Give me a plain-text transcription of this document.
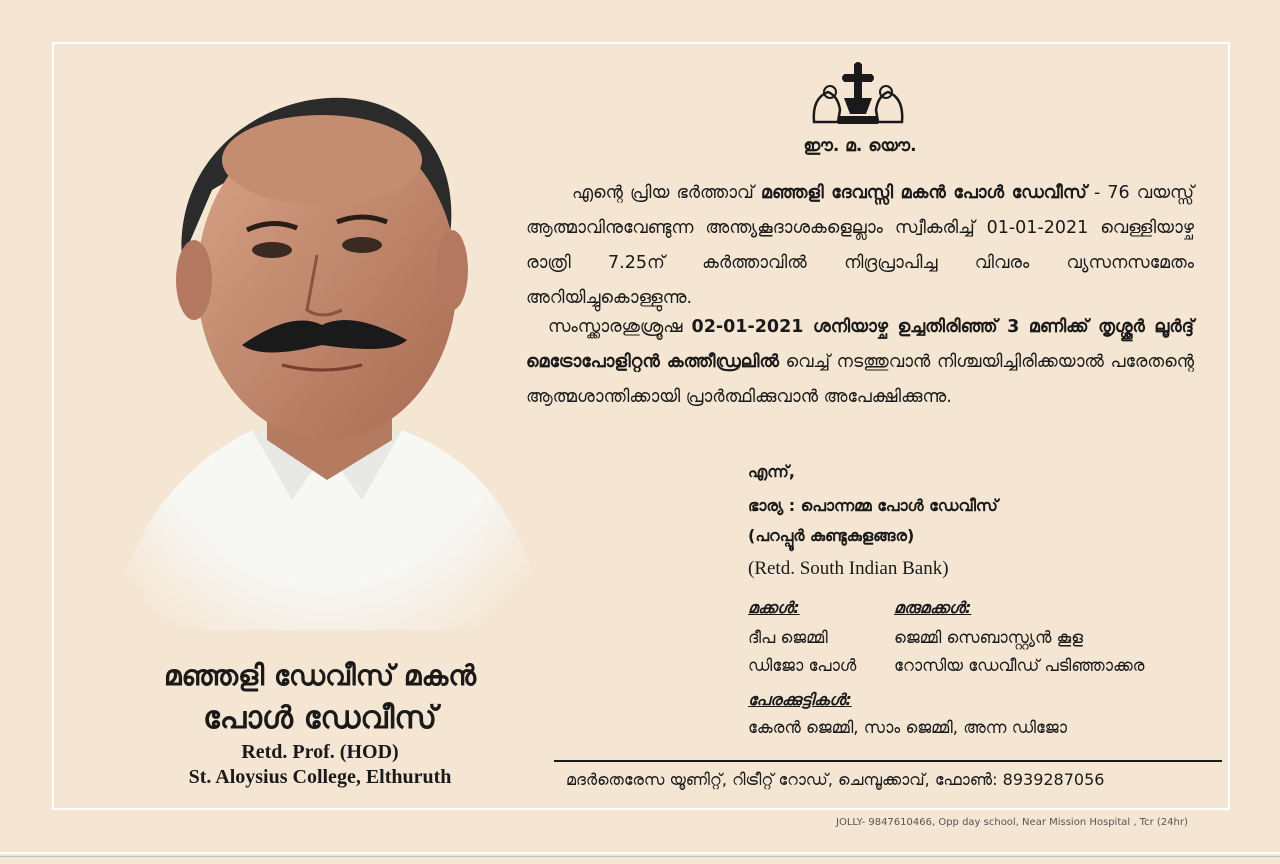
മഞ്ഞളി ഡേവീസ് മകൻ
പോൾ ഡേവീസ്
Retd. Prof. (HOD)
St. Aloysius College, Elthuruth
ഈ. മ. യൌ.
എന്റെ പ്രിയ ഭർത്താവ് മഞ്ഞളി ദേവസ്സി മകൻ പോൾ ഡേവീസ് - 76 വയസ്സ് ആത്മാവിനുവേണ്ടുന്ന അന്ത്യകൂദാശകളെല്ലാം സ്വീകരിച്ച് 01-01-2021 വെള്ളിയാഴ്ച രാത്രി 7.25ന് കർത്താവിൽ നിദ്രപ്രാപിച്ച വിവരം വ്യസനസമേതം അറിയിച്ചുകൊള്ളുന്നു.
സംസ്ക്കാരശുശ്രൂഷ 02-01-2021 ശനിയാഴ്ച ഉച്ചതിരിഞ്ഞ് 3 മണിക്ക് തൃശ്ശൂർ ലൂർദ്ദ് മെട്രോപോളിറ്റൻ കത്തീഡ്രലിൽ വെച്ച് നടത്തുവാൻ നിശ്ചയിച്ചിരിക്കയാൽ പരേതന്റെ ആത്മശാന്തിക്കായി പ്രാർത്ഥിക്കുവാൻ അപേക്ഷിക്കുന്നു.
എന്ന്,
ഭാര്യ : പൊന്നമ്മ പോൾ ഡേവീസ്
(പറപ്പൂർ കുണ്ടുകുളങ്ങര)
(Retd. South Indian Bank)
മക്കൾ:	മരുമക്കൾ:
ദീപ ജെമ്മി
ഡിജോ പോൾ
ജെമ്മി സെബാസ്റ്റ്യൻ കൂള
റോസിയ ഡേവീഡ് പടിഞ്ഞാക്കര
പേരക്കുട്ടികൾ:
കേരൻ ജെമ്മി, സാം ജെമ്മി, അന്ന ഡിജോ
മദർതെരേസ യൂണിറ്റ്, റിട്രീറ്റ് റോഡ്, ചെമ്പൂക്കാവ്, ഫോൺ: 8939287056
JOLLY- 9847610466, Opp day school, Near Mission Hospital , Tcr (24hr)
